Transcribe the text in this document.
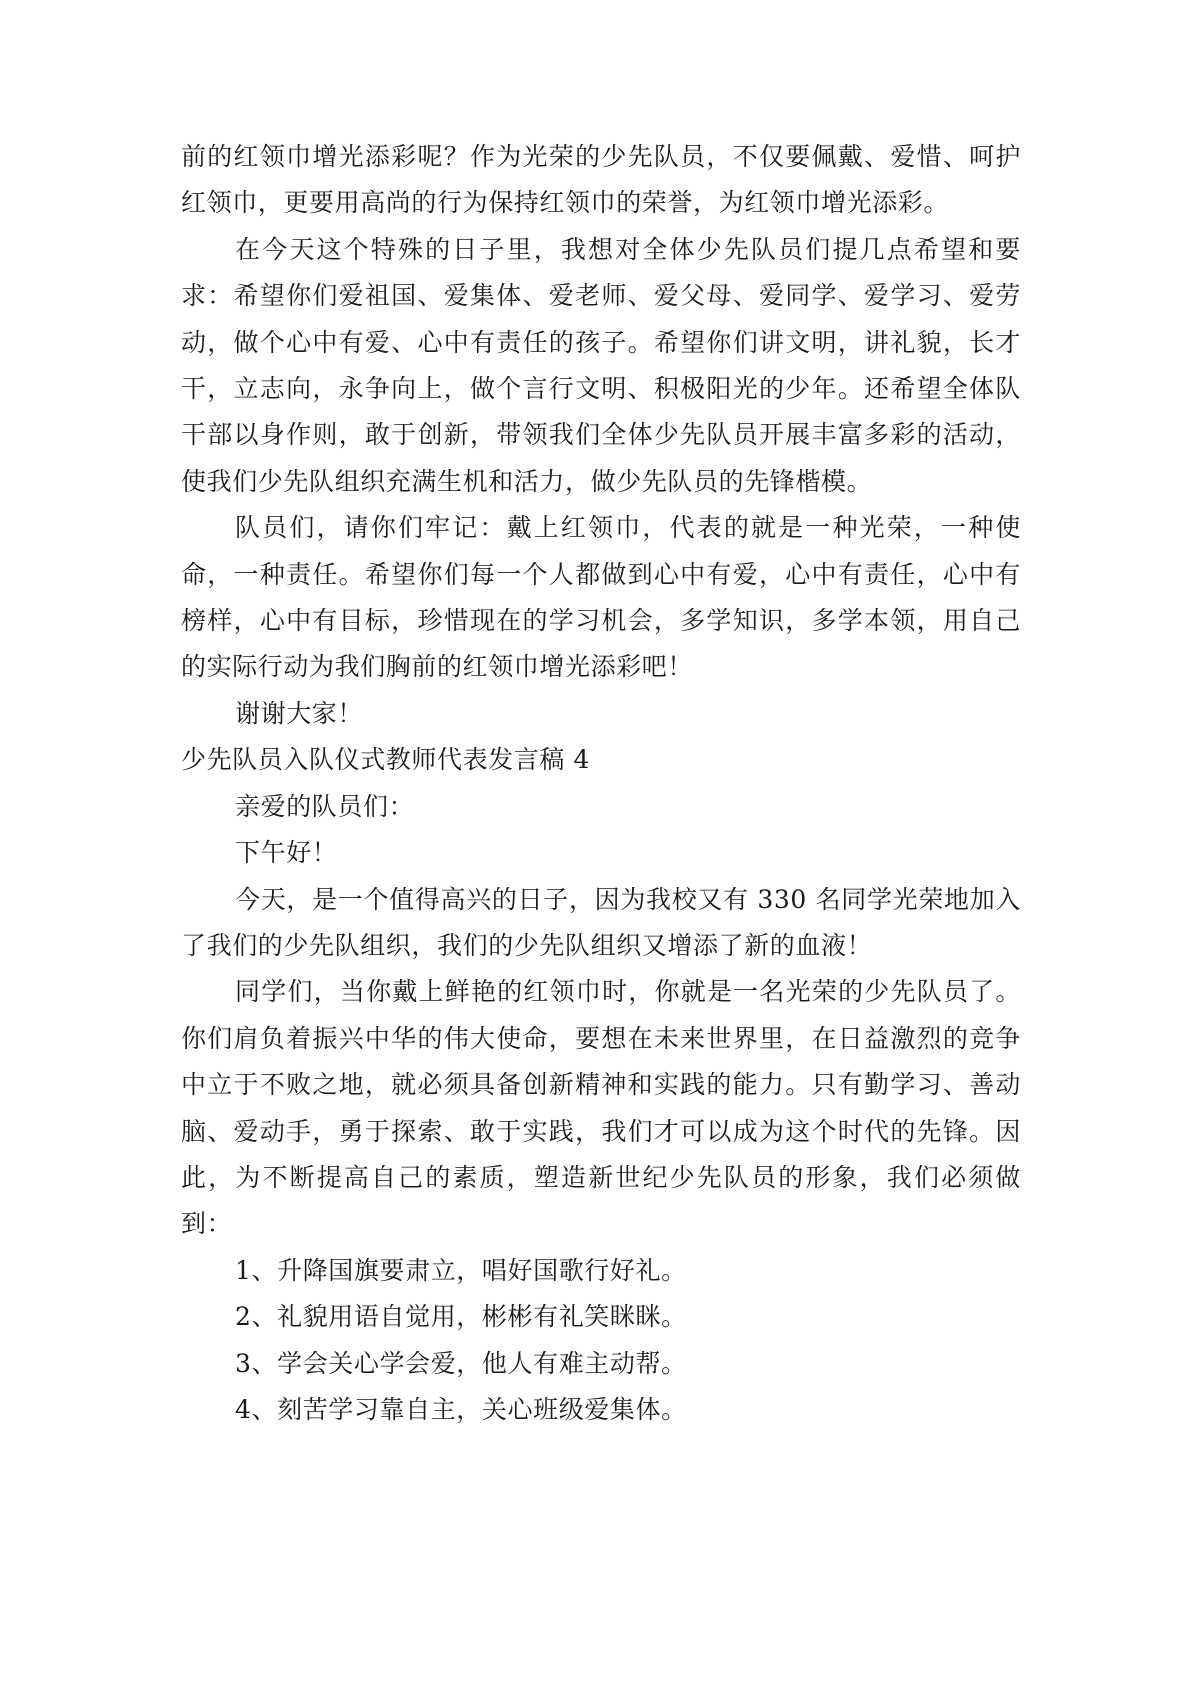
前的红领巾增光添彩呢？作为光荣的少先队员，不仅要佩戴、爱惜、呵护红领巾，更要用高尚的行为保持红领巾的荣誉，为红领巾增光添彩。

在今天这个特殊的日子里，我想对全体少先队员们提几点希望和要求：希望你们爱祖国、爱集体、爱老师、爱父母、爱同学、爱学习、爱劳动，做个心中有爱、心中有责任的孩子。希望你们讲文明，讲礼貌，长才干，立志向，永争向上，做个言行文明、积极阳光的少年。还希望全体队干部以身作则，敢于创新，带领我们全体少先队员开展丰富多彩的活动，使我们少先队组织充满生机和活力，做少先队员的先锋楷模。

队员们，请你们牢记：戴上红领巾，代表的就是一种光荣，一种使命，一种责任。希望你们每一个人都做到心中有爱，心中有责任，心中有榜样，心中有目标，珍惜现在的学习机会，多学知识，多学本领，用自己的实际行动为我们胸前的红领巾增光添彩吧！

谢谢大家！

少先队员入队仪式教师代表发言稿 4

亲爱的队员们：

下午好！

今天，是一个值得高兴的日子，因为我校又有 330 名同学光荣地加入了我们的少先队组织，我们的少先队组织又增添了新的血液！

同学们，当你戴上鲜艳的红领巾时，你就是一名光荣的少先队员了。你们肩负着振兴中华的伟大使命，要想在未来世界里，在日益激烈的竞争中立于不败之地，就必须具备创新精神和实践的能力。只有勤学习、善动脑、爱动手，勇于探索、敢于实践，我们才可以成为这个时代的先锋。因此，为不断提高自己的素质，塑造新世纪少先队员的形象，我们必须做到：

1、升降国旗要肃立，唱好国歌行好礼。

2、礼貌用语自觉用，彬彬有礼笑眯眯。

3、学会关心学会爱，他人有难主动帮。

4、刻苦学习靠自主，关心班级爱集体。
